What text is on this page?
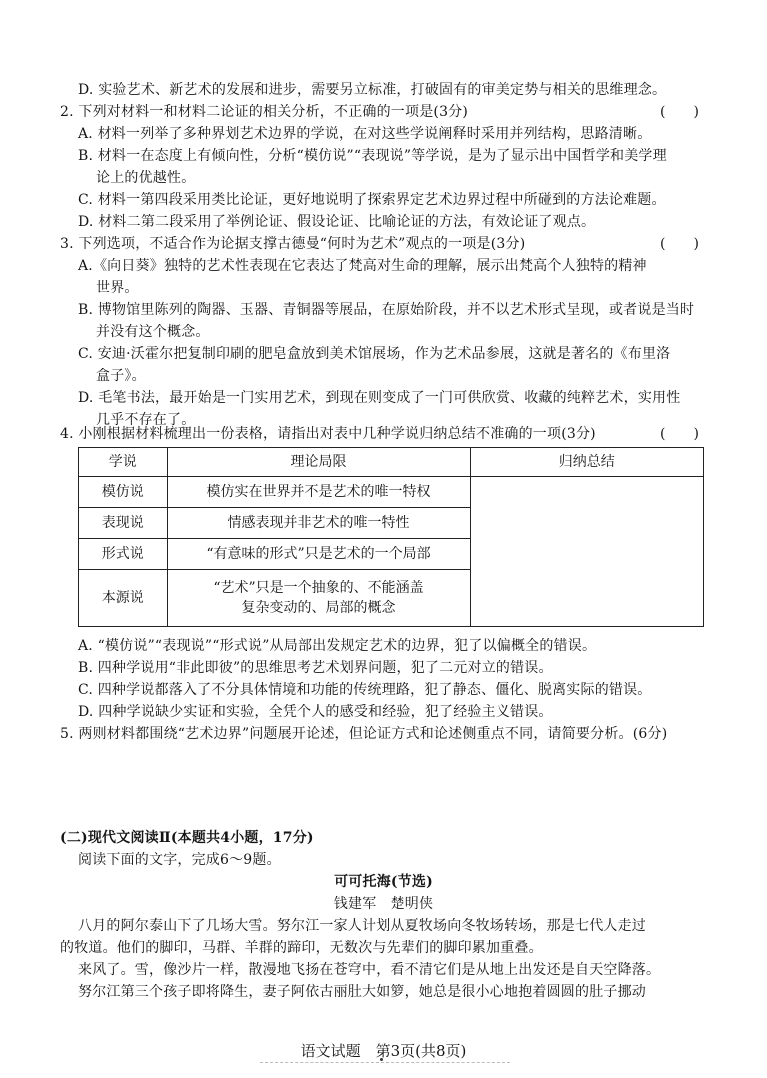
D. 实验艺术、新艺术的发展和进步，需要另立标准，打破固有的审美定势与相关的思维理念。
2. 下列对材料一和材料二论证的相关分析，不正确的一项是(3分)	(　　)
A. 材料一列举了多种界划艺术边界的学说，在对这些学说阐释时采用并列结构，思路清晰。
B. 材料一在态度上有倾向性，分析“模仿说”“表现说”等学说，是为了显示出中国哲学和美学理
论上的优越性。
C. 材料一第四段采用类比论证，更好地说明了探索界定艺术边界过程中所碰到的方法论难题。
D. 材料二第二段采用了举例论证、假设论证、比喻论证的方法，有效论证了观点。
3. 下列选项，不适合作为论据支撑古德曼“何时为艺术”观点的一项是(3分)	(　　)
A.《向日葵》独特的艺术性表现在它表达了梵高对生命的理解，展示出梵高个人独特的精神
世界。
B. 博物馆里陈列的陶器、玉器、青铜器等展品，在原始阶段，并不以艺术形式呈现，或者说是当时
并没有这个概念。
C. 安迪·沃霍尔把复制印刷的肥皂盒放到美术馆展场，作为艺术品参展，这就是著名的《布里洛
盒子》。
D. 毛笔书法，最开始是一门实用艺术，到现在则变成了一门可供欣赏、收藏的纯粹艺术，实用性
几乎不存在了。
4. 小刚根据材料梳理出一份表格，请指出对表中几种学说归纳总结不准确的一项(3分)	(　　)
学说	理论局限	归纳总结
模仿说	模仿实在世界并不是艺术的唯一特权	
表现说	情感表现并非艺术的唯一特性	
形式说	“有意味的形式”只是艺术的一个局部	
本源说	“艺术”只是一个抽象的、不能涵盖
复杂变动的、局部的概念	
A. “模仿说”“表现说”“形式说”从局部出发规定艺术的边界，犯了以偏概全的错误。
B. 四种学说用“非此即彼”的思维思考艺术划界问题，犯了二元对立的错误。
C. 四种学说都落入了不分具体情境和功能的传统理路，犯了静态、僵化、脱离实际的错误。
D. 四种学说缺少实证和实验，全凭个人的感受和经验，犯了经验主义错误。
5. 两则材料都围绕“艺术边界”问题展开论述，但论证方式和论述侧重点不同，请简要分析。(6分)
(二)现代文阅读Ⅱ(本题共4小题，17分)
阅读下面的文字，完成6～9题。
可可托海(节选)
钱建军　楚明侠
八月的阿尔泰山下了几场大雪。努尔江一家人计划从夏牧场向冬牧场转场，那是七代人走过
的牧道。他们的脚印，马群、羊群的蹄印，无数次与先辈们的脚印累加重叠。
来风了。雪，像沙片一样，散漫地飞扬在苍穹中，看不清它们是从地上出发还是自天空降落。
努尔江第三个孩子即将降生，妻子阿依古丽肚大如箩，她总是很小心地抱着圆圆的肚子挪动
语文试题　第3页(共8页)
